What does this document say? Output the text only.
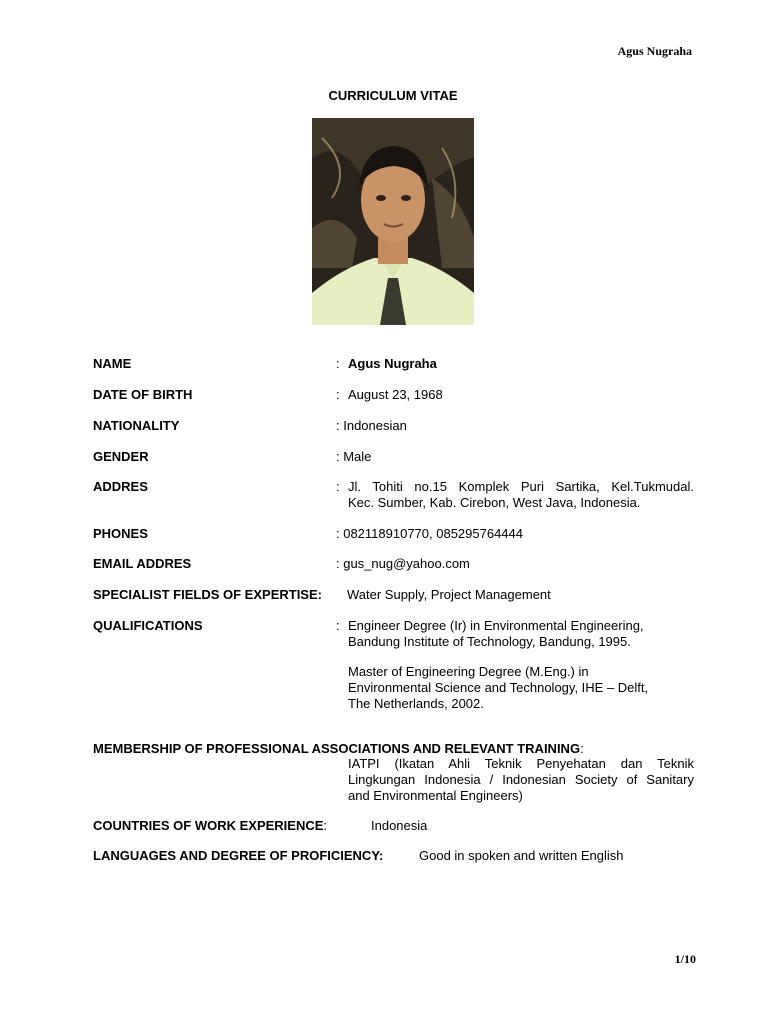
Agus Nugraha
CURRICULUM VITAE
NAME	: Agus Nugraha
DATE OF BIRTH	: August 23, 1968
NATIONALITY	: Indonesian
GENDER	: Male
ADDRES	: Jl. Tohiti no.15 Komplek Puri Sartika, Kel.Tukmudal.
Kec. Sumber, Kab. Cirebon, West Java, Indonesia.
PHONES	: 082118910770, 085295764444
EMAIL ADDRES	: gus_nug@yahoo.com
SPECIALIST FIELDS OF EXPERTISE: Water Supply, Project Management
QUALIFICATIONS	: Engineer Degree (Ir) in Environmental Engineering,
Bandung Institute of Technology, Bandung, 1995.
Master of Engineering Degree (M.Eng.) in
Environmental Science and Technology, IHE – Delft,
The Netherlands, 2002.
MEMBERSHIP OF PROFESSIONAL ASSOCIATIONS AND RELEVANT TRAINING:
IATPI (Ikatan Ahli Teknik Penyehatan dan Teknik
Lingkungan Indonesia / Indonesian Society of Sanitary
and Environmental Engineers)
COUNTRIES OF WORK EXPERIENCE:	Indonesia
LANGUAGES AND DEGREE OF PROFICIENCY:	Good in spoken and written English
1/10
